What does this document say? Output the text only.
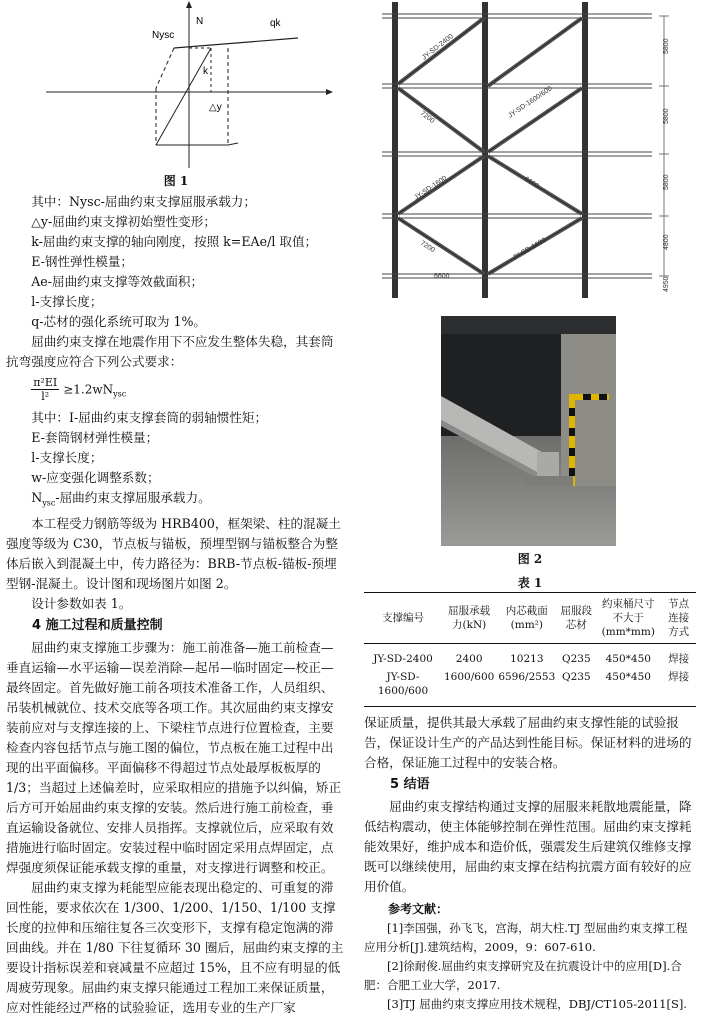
Nysc
N	qk
k
△y
图 1

其中：Nysc-屈曲约束支撑屈服承载力；

△y-屈曲约束支撑初始塑性变形；

k-屈曲约束支撑的轴向刚度，按照 k=EAe/l 取值；

E-钢性弹性模量；

Ae-屈曲约束支撑等效截面积；

l-支撑长度；

q-芯材的强化系统可取为 1%。

屈曲约束支撑在地震作用下不应发生整体失稳，其套筒抗弯强度应符合下列公式要求：

$\frac{\text{π²EI}}{\text{l²}} \ge 1.2wN_{ysc}$

其中：I-屈曲约束支撑套筒的弱轴惯性矩；

E-套筒钢材弹性模量；

l-支撑长度；

w-应变强化调整系数；

$N_{ysc}-$屈曲约束支撑屈服承载力。

本工程受力钢筋等级为 HRB400，框架梁、柱的混凝土强度等级为 C30，节点板与锚板，预埋型钢与锚板整合为整体后嵌入到混凝土中，传力路径为：BRB-节点板-锚板-预埋型钢-混凝土。设计图和现场图片如图 2。

设计参数如表 1。

4 施工过程和质量控制

屈曲约束支撑施工步骤为：施工前准备—施工前检查—垂直运输—水平运输—误差消除—起吊—临时固定—校正—最终固定。首先做好施工前各项技术准备工作，人员组织、吊装机械就位、技术交底等各项工作。其次屈曲约束支撑安装前应对与支撑连接的上、下梁柱节点进行位置检查，主要检查内容包括节点与施工图的偏位，节点板在施工过程中出现的出平面偏移。平面偏移不得超过节点处最厚板板厚的 1/3；当超过上述偏差时，应采取相应的措施予以纠偏，矫正后方可开始屈曲约束支撑的安装。然后进行施工前检查，垂直运输设备就位、安排人员指挥。支撑就位后，应采取有效措施进行临时固定。安装过程中临时固定采用点焊固定，点焊强度须保证能承载支撑的重量，对支撑进行调整和校正。

屈曲约束支撑为耗能型应能表现出稳定的、可重复的滞回性能，要求依次在 1/300、1/200、1/150、1/100 支撑长度的拉伸和压缩往复各三次变形下，支撑有稳定饱满的滞回曲线。并在 1/80 下往复循环 30 圈后，屈曲约束支撑的主要设计指标误差和衰减量不应超过 15%，且不应有明显的低周疲劳现象。屈曲约束支撑只能通过工程加工来保证质量，应对性能经过严格的试验验证，选用专业的生产厂家

5800
5800
5800
4800
4950
JY-SD-2400
JY-SD-1600/600
JY-SD-1600
JY-SD-1600
7200
6600
7200
6600
图 2
表 1
支撑编号	屈服承载力(kN)	内芯截面(mm²)	屈服段芯材	约束桶尺寸不大于(mm*mm)	节点连接方式
JY-SD-2400	2400	10213	Q235	450*450	焊接
JY-SD-1600/600	1600/600	6596/2553	Q235	450*450	焊接

保证质量，提供其最大承载了屈曲约束支撑性能的试验报告，保证设计生产的产品达到性能目标。保证材料的进场的合格，保证施工过程中的安装合格。

5 结语

屈曲约束支撑结构通过支撑的屈服来耗散地震能量，降低结构震动，使主体能够控制在弹性范围。屈曲约束支撑耗能效果好，维护成本和造价低，强震发生后建筑仅维修支撑既可以继续使用，屈曲约束支撑在结构抗震方面有较好的应用价值。

参考文献：

[1]李国强，孙飞飞，宫海，胡大柱.TJ 型屈曲约束支撑工程应用分析[J].建筑结构，2009，9：607-610.

[2]徐耐俊.屈曲约束支撑研究及在抗震设计中的应用[D].合肥：合肥工业大学，2017.

[3]TJ 屈曲约束支撑应用技术规程，DBJ/CT105-2011[S].
